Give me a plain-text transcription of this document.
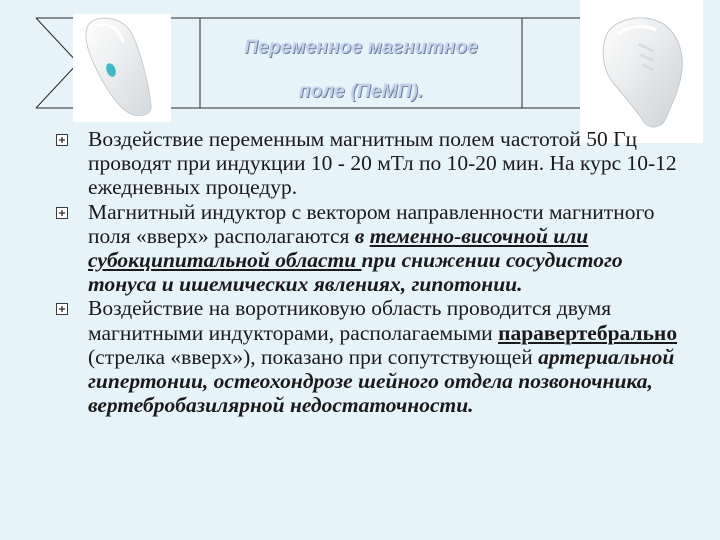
Переменное магнитное
поле (ПеМП).
Воздействие переменным магнитным полем частотой 50 Гц проводят при индукции 10 - 20 мТл по 10-20 мин. На курс 10-12 ежедневных процедур.
Магнитный индуктор с вектором направленности магнитного поля «вверх» располагаются в теменно-височной или субокципитальной области при снижении сосудистого тонуса и ишемических явлениях, гипотонии.
Воздействие на воротниковую область проводится двумя магнитными индукторами, располагаемыми паравертебрально (стрелка «вверх»), показано при сопутствующей артериальной гипертонии, остеохондрозе шейного отдела позвоночника, вертебробазилярной недостаточности.
